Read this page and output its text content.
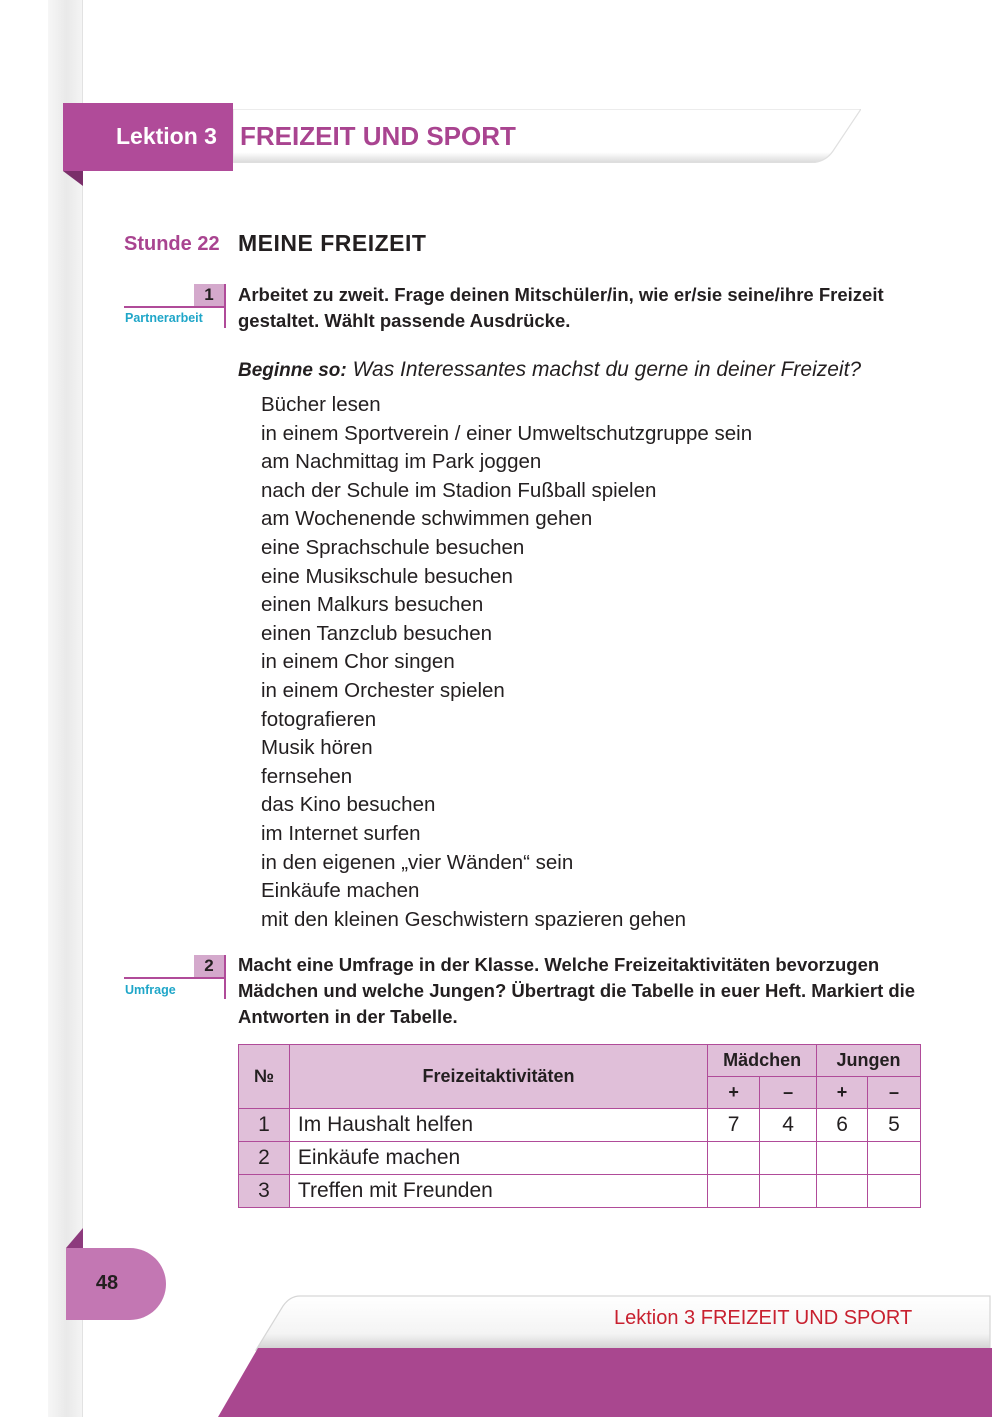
Lektion 3 FREIZEIT UND SPORT
Stunde 22 MEINE FREIZEIT
1
Partnerarbeit
Arbeitet zu zweit. Frage deinen Mitschüler/in, wie er/sie seine/ihre Freizeit gestaltet. Wählt passende Ausdrücke.
Beginne so: Was Interessantes machst du gerne in deiner Freizeit?
Bücher lesen
in einem Sportverein / einer Umweltschutzgruppe sein
am Nachmittag im Park joggen
nach der Schule im Stadion Fußball spielen
am Wochenende schwimmen gehen
eine Sprachschule besuchen
eine Musikschule besuchen
einen Malkurs besuchen
einen Tanzclub besuchen
in einem Chor singen
in einem Orchester spielen
fotografieren
Musik hören
fernsehen
das Kino besuchen
im Internet surfen
in den eigenen „vier Wänden“ sein
Einkäufe machen
mit den kleinen Geschwistern spazieren gehen
2
Umfrage
Macht eine Umfrage in der Klasse. Welche Freizeitaktivitäten bevorzugen Mädchen und welche Jungen? Übertragt die Tabelle in euer Heft. Markiert die Antworten in der Tabelle.
№	Freizeitaktivitäten	Mädchen		Jungen	
		+	–	+	–
1	Im Haushalt helfen	7	4	6	5
2	Einkäufe machen				
3	Treffen mit Freunden				
48
Lektion 3 FREIZEIT UND SPORT
